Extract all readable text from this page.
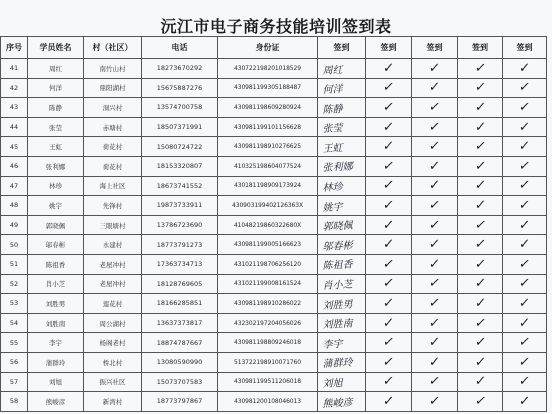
沅江市电子商务技能培训签到表
序号	学员姓名	村（社区）	电话	身份证	签到	签到	签到	签到	签到
41	周红	南竹山村	18273670292	430722198201018529	周红	✓	✓	✓	✓
42	何洋	鼎阳湖村	15675887276	430981199305188487	何洋	✓	✓	✓	✓
43	陈静	洞兴村	13574700758	430981198609280924	陈静	✓	✓	✓	✓
44	张莹	赤塘村	18507371991	430981199101156628	张莹	✓	✓	✓	✓
45	王虹	荷花村	15080724722	430981198910276625	王虹	✓	✓	✓	✓
46	张利娜	荷花村	18153320807	410325198604077524	张利娜	✓	✓	✓	✓
47	林珍	海上社区	18673741552	430181198909173924	林珍	✓	✓	✓	✓
48	姚宇	先锋村	19873733911	430903199402126363X	姚宇	✓	✓	✓	✓
49	郭晓佩	三眼塘村	13786723690	41048219860322680X	郭晓佩	✓	✓	✓	✓
50	邬春彬	永建村	18773791273	430981199005166623	邬春彬	✓	✓	✓	✓
51	陈祖香	老屋冲村	17363734713	431021198706256120	陈祖香	✓	✓	✓	✓
52	肖小芝	老屋冲村	18128769605	431021199008161524	肖小芝	✓	✓	✓	✓
53	刘胜男	莲花村	18166285851	430981198910286022	刘胜男	✓	✓	✓	✓
54	刘胜南	周公湖村	13637373817	432302197204056026	刘胜南	✓	✓	✓	✓
55	李宇	杨阁老村	18874787667	430981198809246018	李宇	✓	✓	✓	✓
56	蒲群玲	桥北村	13080590990	513722198910071760	蒲群玲	✓	✓	✓	✓
57	刘旭	振兴社区	15073707583	430981199511206018	刘旭	✓	✓	✓	✓
58	熊峻彦	新湾村	18773797867	430981200108046013	熊峻彦	✓	✓	✓	✓
